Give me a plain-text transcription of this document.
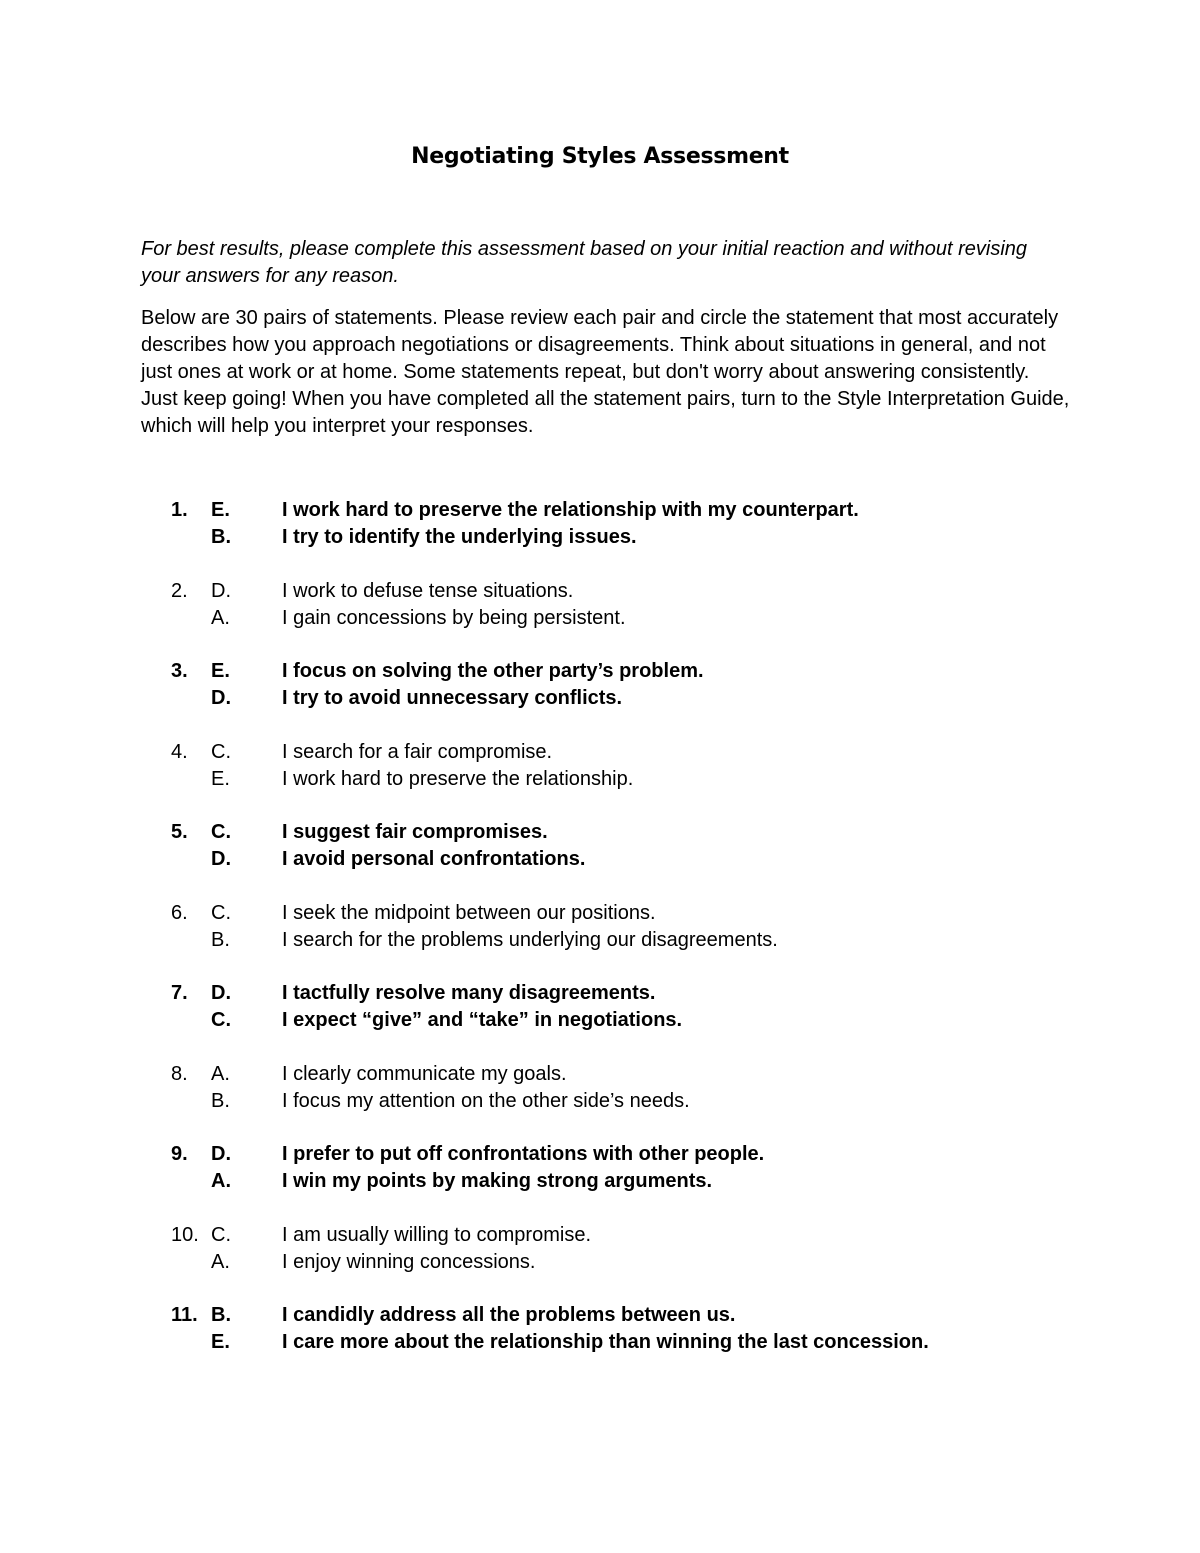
Negotiating Styles Assessment

For best results, please complete this assessment based on your initial reaction and without revising your answers for any reason.

Below are 30 pairs of statements. Please review each pair and circle the statement that most accurately describes how you approach negotiations or disagreements. Think about situations in general, and not just ones at work or at home. Some statements repeat, but don't worry about answering consistently. Just keep going! When you have completed all the statement pairs, turn to the Style Interpretation Guide, which will help you interpret your responses.

1.	E.	I work hard to preserve the relationship with my counterpart.
B.	I try to identify the underlying issues.
2.	D.	I work to defuse tense situations.
A.	I gain concessions by being persistent.
3.	E.	I focus on solving the other party’s problem.
D.	I try to avoid unnecessary conflicts.
4.	C.	I search for a fair compromise.
E.	I work hard to preserve the relationship.
5.	C.	I suggest fair compromises.
D.	I avoid personal confrontations.
6.	C.	I seek the midpoint between our positions.
B.	I search for the problems underlying our disagreements.
7.	D.	I tactfully resolve many disagreements.
C.	I expect “give” and “take” in negotiations.
8.	A.	I clearly communicate my goals.
B.	I focus my attention on the other side’s needs.
9.	D.	I prefer to put off confrontations with other people.
A.	I win my points by making strong arguments.
10. C.	I am usually willing to compromise.
A.	I enjoy winning concessions.
11. B.	I candidly address all the problems between us.
E.	I care more about the relationship than winning the last concession.
